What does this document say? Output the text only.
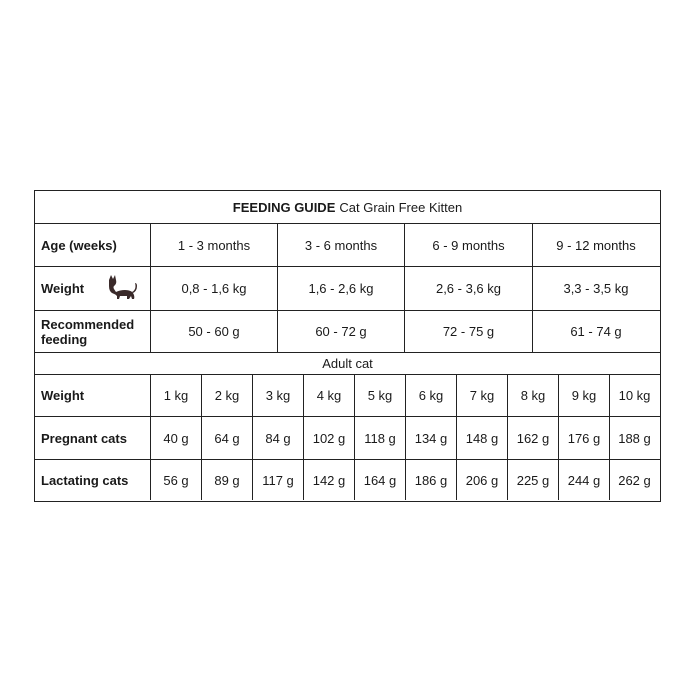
FEEDING GUIDE Cat Grain Free Kitten
Age (weeks)	1 - 3 months	3 - 6 months	6 - 9 months	9 - 12 months
Weight	0,8 - 1,6 kg	1,6 - 2,6 kg	2,6 - 3,6 kg	3,3 - 3,5 kg
Recommended feeding	50 - 60 g	60 - 72 g	72 - 75 g	61 - 74 g
Adult cat
Weight	1 kg	2 kg	3 kg	4 kg	5 kg	6 kg	7 kg	8 kg	9 kg	10 kg
Pregnant cats	40 g	64 g	84 g	102 g	118 g	134 g	148 g	162 g	176 g	188 g
Lactating cats	56 g	89 g	117 g	142 g	164 g	186 g	206 g	225 g	244 g	262 g
